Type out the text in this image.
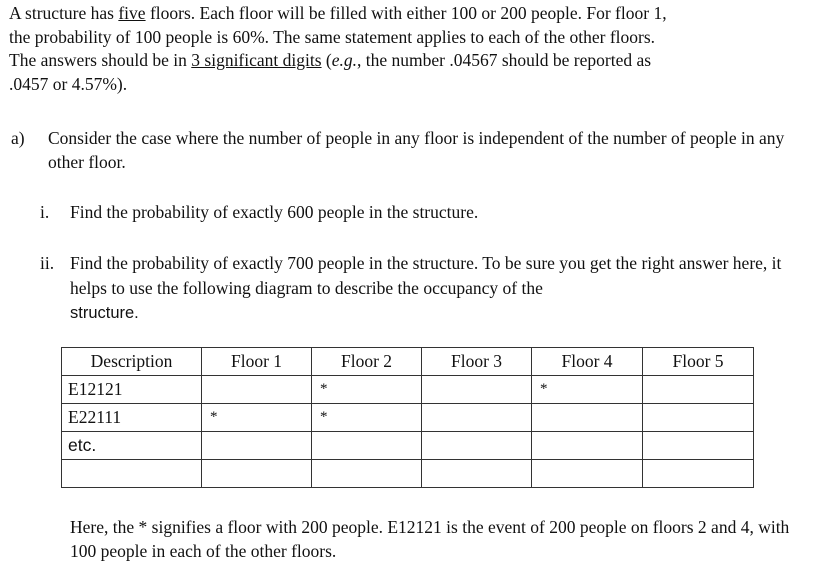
A structure has five floors. Each floor will be filled with either 100 or 200 people. For floor 1,
the probability of 100 people is 60%. The same statement applies to each of the other floors.
The answers should be in 3 significant digits (e.g., the number .04567 should be reported as
.0457 or 4.57%).

a) Consider the case where the number of people in any floor is independent of the number of people in any other floor.
i. Find the probability of exactly 600 people in the structure.
ii. Find the probability of exactly 700 people in the structure. To be sure you get the right answer here, it helps to use the following diagram to describe the occupancy of the
structure.
Description	Floor 1	Floor 2	Floor 3	Floor 4	Floor 5
E12121		*		*	
E22111	*	*			
etc.					

Here, the * signifies a floor with 200 people. E12121 is the event of 200 people on floors 2 and 4, with 100 people in each of the other floors.
